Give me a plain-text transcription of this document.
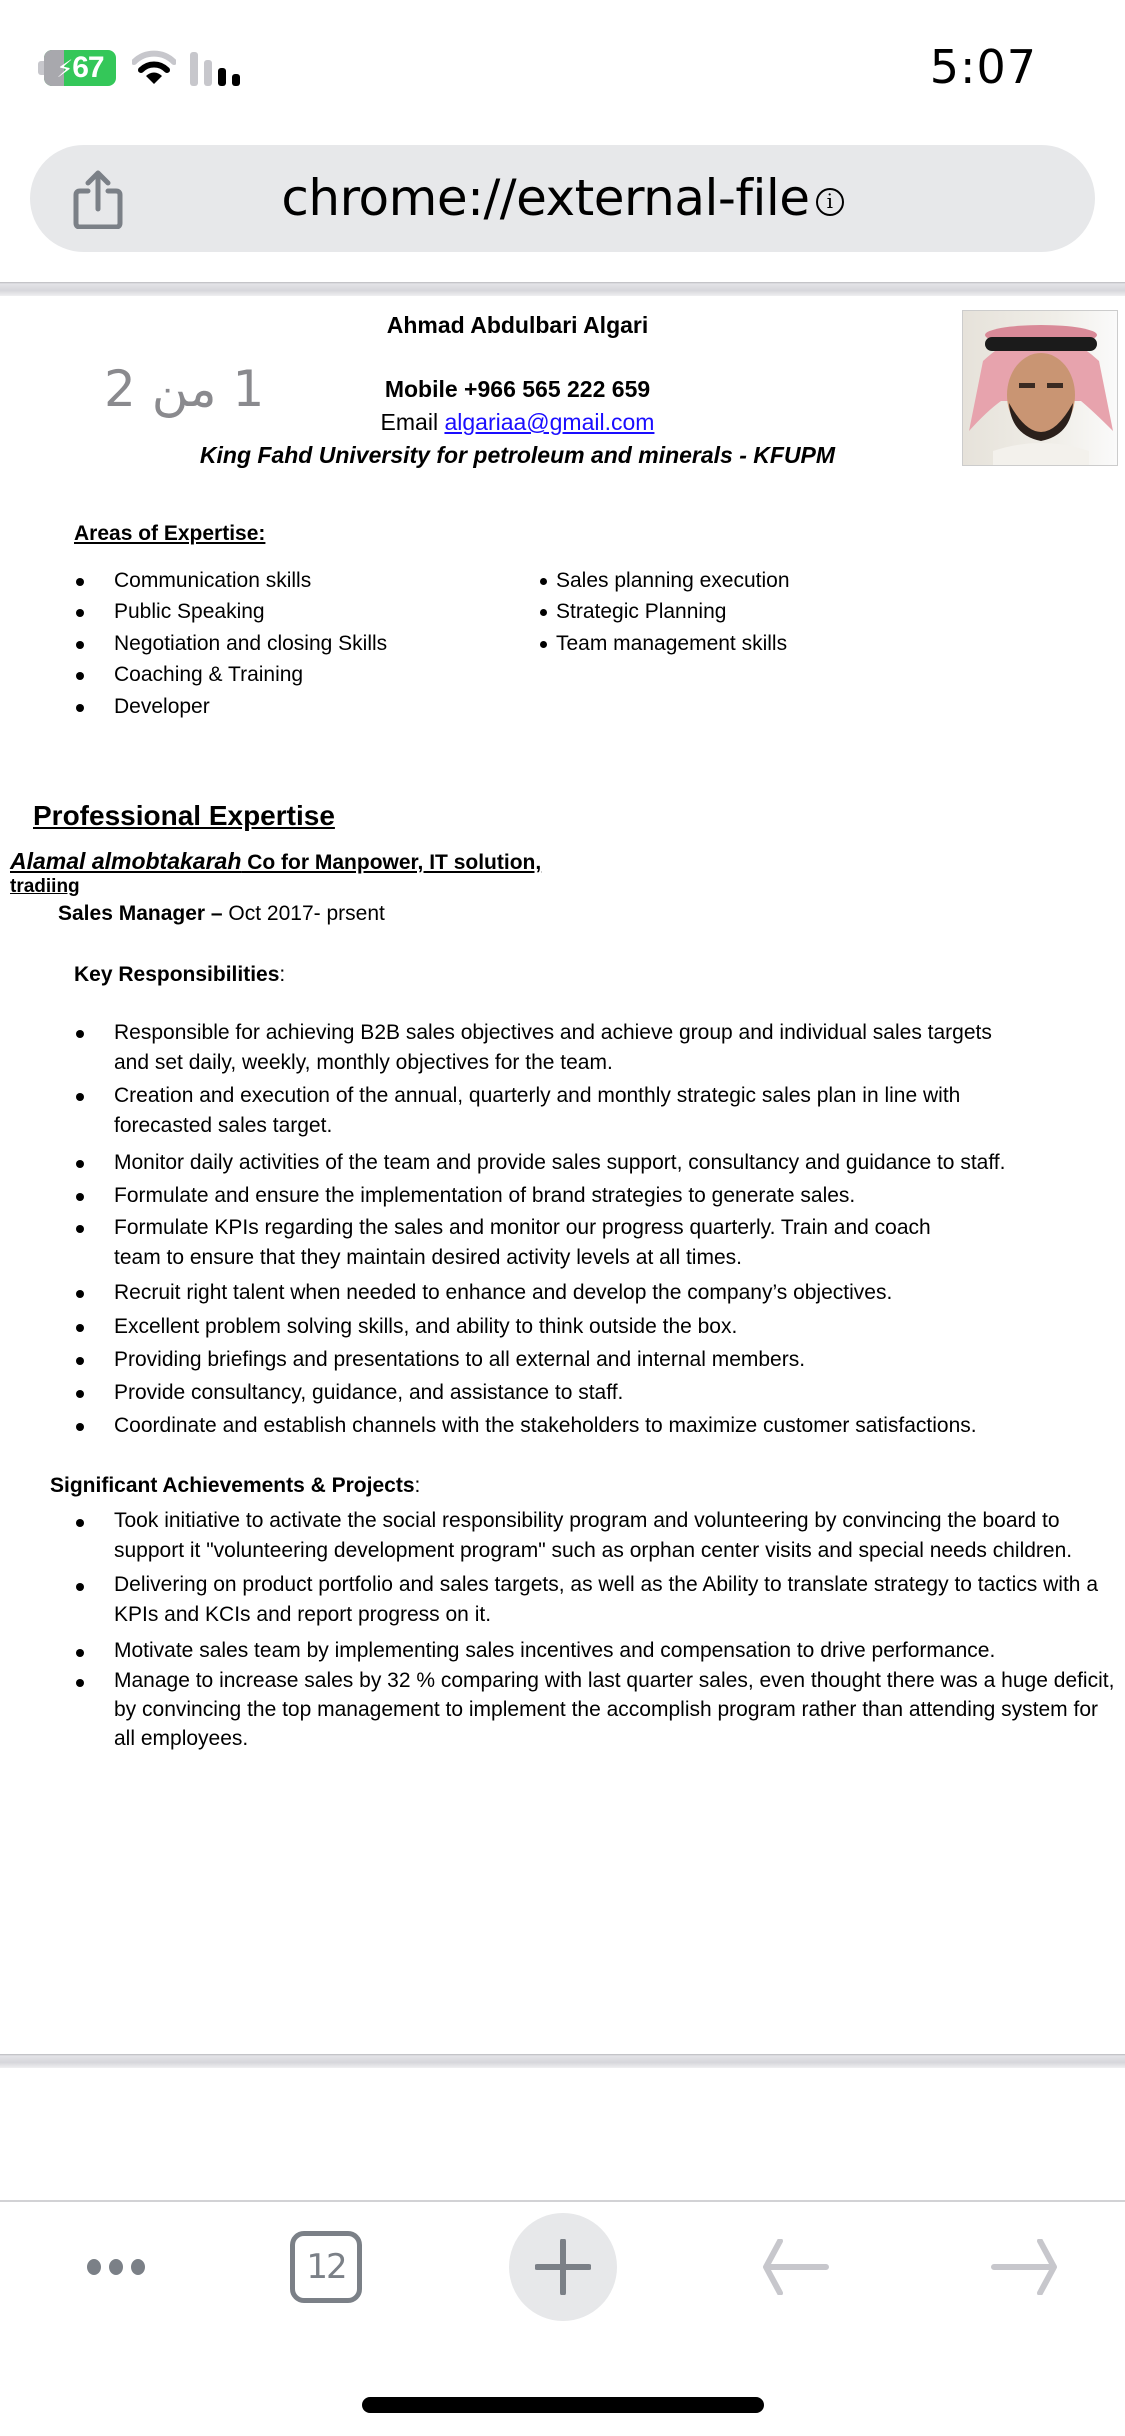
⚡︎67	5:07
chrome://external-file i
1 من 2
Ahmad Abdulbari Algari
Mobile +966 565 222 659
Email algariaa@gmail.com
King Fahd University for petroleum and minerals - KFUPM
Areas of Expertise:
Communication skills
Public Speaking
Negotiation and closing Skills
Coaching & Training
Developer
Sales planning execution
Strategic Planning
Team management skills
Professional Expertise
Alamal almobtakarah Co for Manpower, IT solution,
tradiing
Sales Manager – Oct 2017- prsent
Key Responsibilities:
Responsible for achieving B2B sales objectives and achieve group and individual sales targets and set daily, weekly, monthly objectives for the team.
Creation and execution of the annual, quarterly and monthly strategic sales plan in line with forecasted sales target.
Monitor daily activities of the team and provide sales support, consultancy and guidance to staff.
Formulate and ensure the implementation of brand strategies to generate sales.
Formulate KPIs regarding the sales and monitor our progress quarterly. Train and coach team to ensure that they maintain desired activity levels at all times.
Recruit right talent when needed to enhance and develop the company’s objectives.
Excellent problem solving skills, and ability to think outside the box.
Providing briefings and presentations to all external and internal members.
Provide consultancy, guidance, and assistance to staff.
Coordinate and establish channels with the stakeholders to maximize customer satisfactions.
Significant Achievements & Projects:
Took initiative to activate the social responsibility program and volunteering by convincing the board to support it "volunteering development program" such as orphan center visits and special needs children.
Delivering on product portfolio and sales targets, as well as the Ability to translate strategy to tactics with a KPIs and KCIs and report progress on it.
Motivate sales team by implementing sales incentives and compensation to drive performance.
Manage to increase sales by 32 % comparing with last quarter sales, even thought there was a huge deficit, by convincing the top management to implement the accomplish program rather than attending system for all employees.
12
